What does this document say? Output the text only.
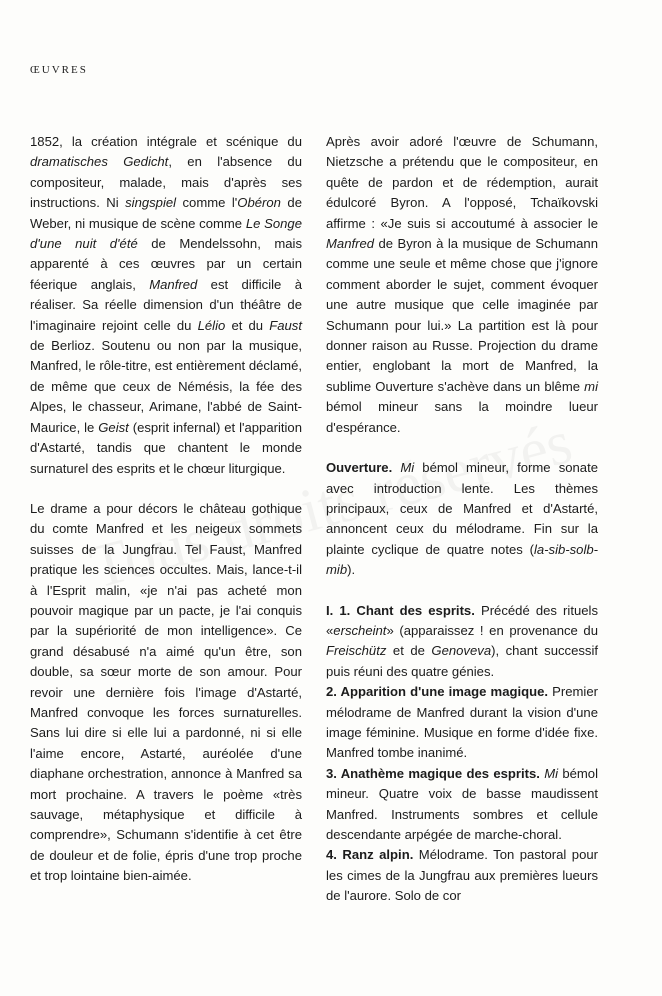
ŒUVRES

1852, la création intégrale et scénique du dramatisches Gedicht, en l'absence du compositeur, malade, mais d'après ses instructions. Ni singspiel comme l'Obéron de Weber, ni musique de scène comme Le Songe d'une nuit d'été de Mendelssohn, mais apparenté à ces œuvres par un certain féerique anglais, Manfred est difficile à réaliser. Sa réelle dimension d'un théâtre de l'imaginaire rejoint celle du Lélio et du Faust de Berlioz. Soutenu ou non par la musique, Manfred, le rôle-titre, est entièrement déclamé, de même que ceux de Némésis, la fée des Alpes, le chasseur, Arimane, l'abbé de Saint-Maurice, le Geist (esprit infernal) et l'apparition d'Astarté, tandis que chantent le monde surnaturel des esprits et le chœur liturgique.

Le drame a pour décors le château gothique du comte Manfred et les neigeux sommets suisses de la Jungfrau. Tel Faust, Manfred pratique les sciences occultes. Mais, lance-t-il à l'Esprit malin, «je n'ai pas acheté mon pouvoir magique par un pacte, je l'ai conquis par la supériorité de mon intelligence». Ce grand désabusé n'a aimé qu'un être, son double, sa sœur morte de son amour. Pour revoir une dernière fois l'image d'Astarté, Manfred convoque les forces surnaturelles. Sans lui dire si elle lui a pardonné, ni si elle l'aime encore, Astarté, auréolée d'une diaphane orchestration, annonce à Manfred sa mort prochaine. A travers le poème «très sauvage, métaphysique et difficile à comprendre», Schumann s'identifie à cet être de douleur et de folie, épris d'une trop proche et trop lointaine bien-aimée.

Après avoir adoré l'œuvre de Schumann, Nietzsche a prétendu que le compositeur, en quête de pardon et de rédemption, aurait édulcoré Byron. A l'opposé, Tchaïkovski affirme : «Je suis si accoutumé à associer le Manfred de Byron à la musique de Schumann comme une seule et même chose que j'ignore comment aborder le sujet, comment évoquer une autre musique que celle imaginée par Schumann pour lui.» La partition est là pour donner raison au Russe. Projection du drame entier, englobant la mort de Manfred, la sublime Ouverture s'achève dans un blême mi bémol mineur sans la moindre lueur d'espérance.

Ouverture. Mi bémol mineur, forme sonate avec introduction lente. Les thèmes principaux, ceux de Manfred et d'Astarté, annoncent ceux du mélodrame. Fin sur la plainte cyclique de quatre notes (la-sib-solb-mib).

I. 1. Chant des esprits. Précédé des rituels «erscheint» (apparaissez ! en provenance du Freischütz et de Genoveva), chant successif puis réuni des quatre génies.

2. Apparition d'une image magique. Premier mélodrame de Manfred durant la vision d'une image féminine. Musique en forme d'idée fixe. Manfred tombe inanimé.

3. Anathème magique des esprits. Mi bémol mineur. Quatre voix de basse maudissent Manfred. Instruments sombres et cellule descendante arpégée de marche-choral.

4. Ranz alpin. Mélodrame. Ton pastoral pour les cimes de la Jungfrau aux premières lueurs de l'aurore. Solo de cor
